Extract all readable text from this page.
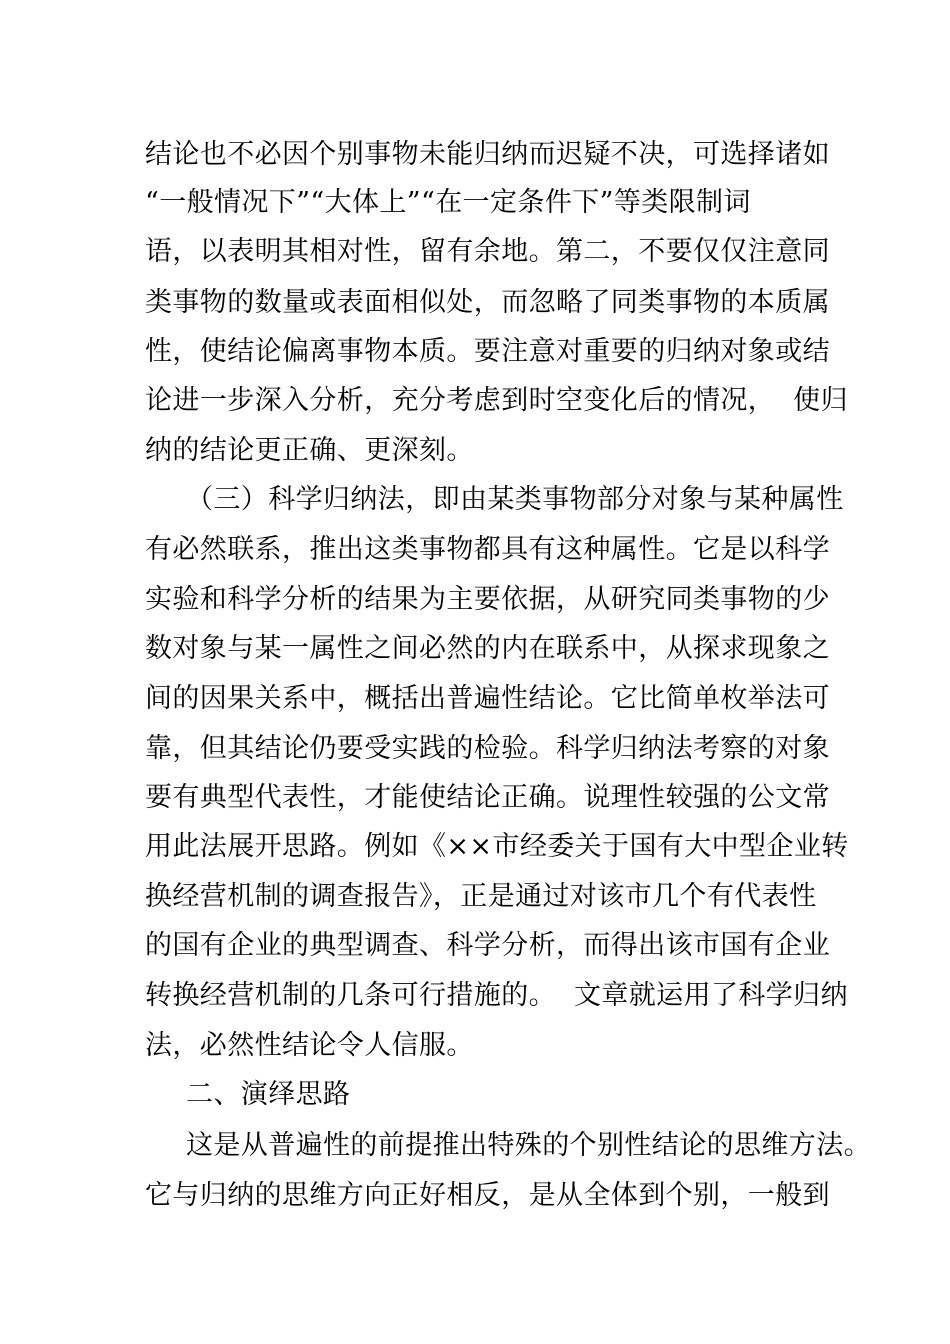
结论也不必因个别事物未能归纳而迟疑不决，可选择诸如
“一般情况下”“大体上”“在一定条件下”等类限制词
语，以表明其相对性，留有余地。第二，不要仅仅注意同
类事物的数量或表面相似处，而忽略了同类事物的本质属
性，使结论偏离事物本质。要注意对重要的归纳对象或结
论进一步深入分析，充分考虑到时空变化后的情况，  使归
纳的结论更正确、更深刻。
（三）科学归纳法，即由某类事物部分对象与某种属性
有必然联系，推出这类事物都具有这种属性。它是以科学
实验和科学分析的结果为主要依据，从研究同类事物的少
数对象与某一属性之间必然的内在联系中，从探求现象之
间的因果关系中，概括出普遍性结论。它比简单枚举法可
靠，但其结论仍要受实践的检验。科学归纳法考察的对象
要有典型代表性，才能使结论正确。说理性较强的公文常
用此法展开思路。例如《××市经委关于国有大中型企业转
换经营机制的调查报告》，正是通过对该市几个有代表性
的国有企业的典型调查、科学分析，而得出该市国有企业
转换经营机制的几条可行措施的。  文章就运用了科学归纳
法，必然性结论令人信服。
二、演绎思路
这是从普遍性的前提推出特殊的个别性结论的思维方法。
它与归纳的思维方向正好相反，是从全体到个别，一般到
